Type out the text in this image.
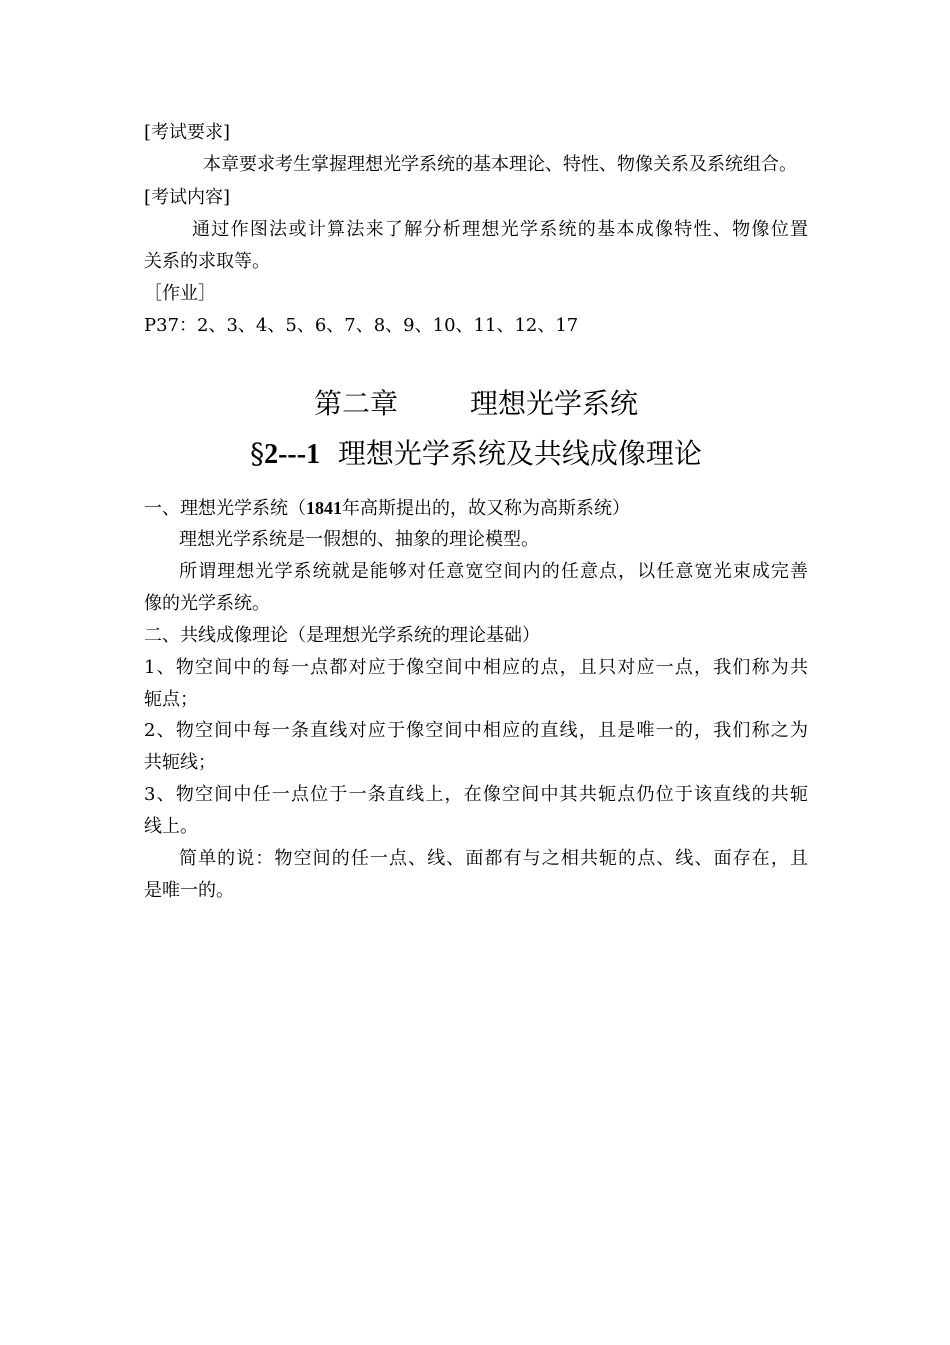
[考试要求]
本章要求考生掌握理想光学系统的基本理论、特性、物像关系及系统组合。
[考试内容]
通过作图法或计算法来了解分析理想光学系统的基本成像特性、物像位置
关系的求取等。
［作业］
P37：2、3、4、5、6、7、8、9、10、11、12、17
第二章	理想光学系统
§2---1 理想光学系统及共线成像理论
一、理想光学系统（1841年高斯提出的，故又称为高斯系统）
理想光学系统是一假想的、抽象的理论模型。
所谓理想光学系统就是能够对任意宽空间内的任意点，以任意宽光束成完善
像的光学系统。
二、共线成像理论（是理想光学系统的理论基础）
1、物空间中的每一点都对应于像空间中相应的点，且只对应一点，我们称为共
轭点；
2、物空间中每一条直线对应于像空间中相应的直线，且是唯一的，我们称之为
共轭线；
3、物空间中任一点位于一条直线上，在像空间中其共轭点仍位于该直线的共轭
线上。
简单的说：物空间的任一点、线、面都有与之相共轭的点、线、面存在，且
是唯一的。
